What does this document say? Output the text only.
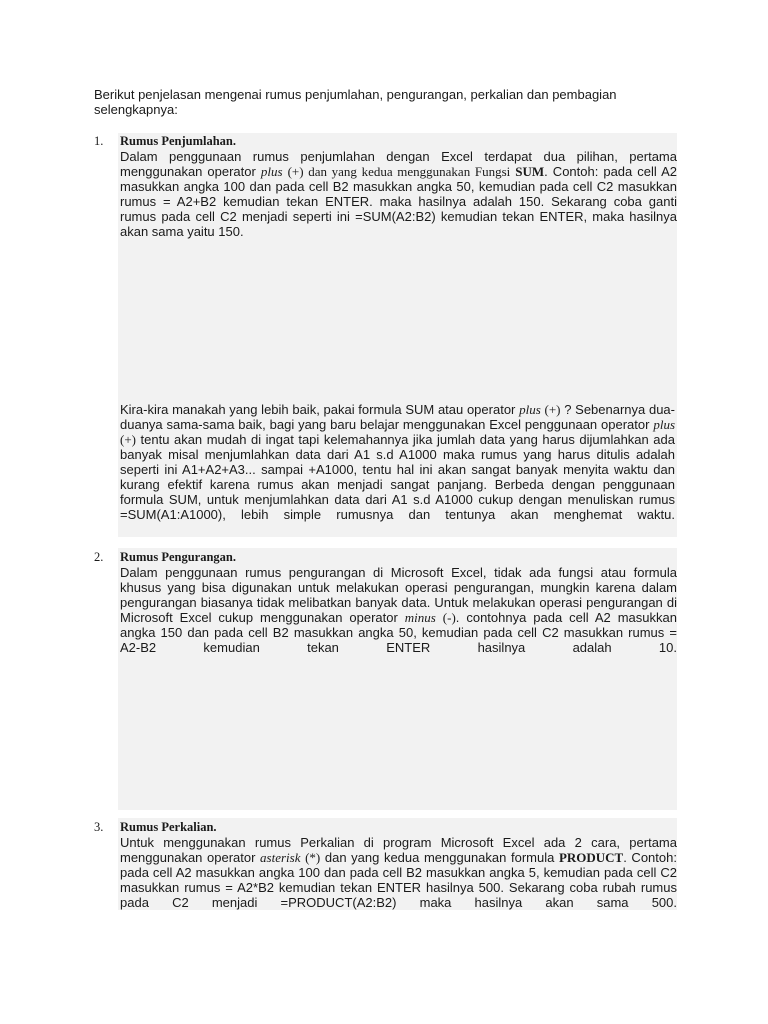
Berikut penjelasan mengenai rumus penjumlahan, pengurangan, perkalian dan pembagian selengkapnya:
1.	Rumus Penjumlahan.
Dalam penggunaan rumus penjumlahan dengan Excel terdapat dua pilihan, pertama menggunakan operator plus (+) dan yang kedua menggunakan Fungsi SUM. Contoh: pada cell A2 masukkan angka 100 dan pada cell B2 masukkan angka 50, kemudian pada cell C2 masukkan rumus = A2+B2 kemudian tekan ENTER. maka hasilnya adalah 150. Sekarang coba ganti rumus pada cell C2 menjadi seperti ini =SUM(A2:B2) kemudian tekan ENTER, maka hasilnya akan sama yaitu 150.
Kira-kira manakah yang lebih baik, pakai formula SUM atau operator plus (+) ? Sebenarnya dua-duanya sama-sama baik, bagi yang baru belajar menggunakan Excel penggunaan operator plus (+) tentu akan mudah di ingat tapi kelemahannya jika jumlah data yang harus dijumlahkan ada banyak misal menjumlahkan data dari A1 s.d A1000 maka rumus yang harus ditulis adalah seperti ini A1+A2+A3... sampai +A1000, tentu hal ini akan sangat banyak menyita waktu dan kurang efektif karena rumus akan menjadi sangat panjang. Berbeda dengan penggunaan formula SUM, untuk menjumlahkan data dari A1 s.d A1000 cukup dengan menuliskan rumus =SUM(A1:A1000), lebih simple rumusnya dan tentunya akan menghemat waktu.
2.	Rumus Pengurangan.
Dalam penggunaan rumus pengurangan di Microsoft Excel, tidak ada fungsi atau formula khusus yang bisa digunakan untuk melakukan operasi pengurangan, mungkin karena dalam pengurangan biasanya tidak melibatkan banyak data. Untuk melakukan operasi pengurangan di Microsoft Excel cukup menggunakan operator minus (-). contohnya pada cell A2 masukkan angka 150 dan pada cell B2 masukkan angka 50, kemudian pada cell C2 masukkan rumus = A2-B2 kemudian tekan ENTER hasilnya adalah 10.
3.	Rumus Perkalian.
Untuk menggunakan rumus Perkalian di program Microsoft Excel ada 2 cara, pertama menggunakan operator asterisk (*) dan yang kedua menggunakan formula PRODUCT. Contoh: pada cell A2 masukkan angka 100 dan pada cell B2 masukkan angka 5, kemudian pada cell C2 masukkan rumus = A2*B2 kemudian tekan ENTER hasilnya 500. Sekarang coba rubah rumus pada C2 menjadi =PRODUCT(A2:B2) maka hasilnya akan sama 500.
